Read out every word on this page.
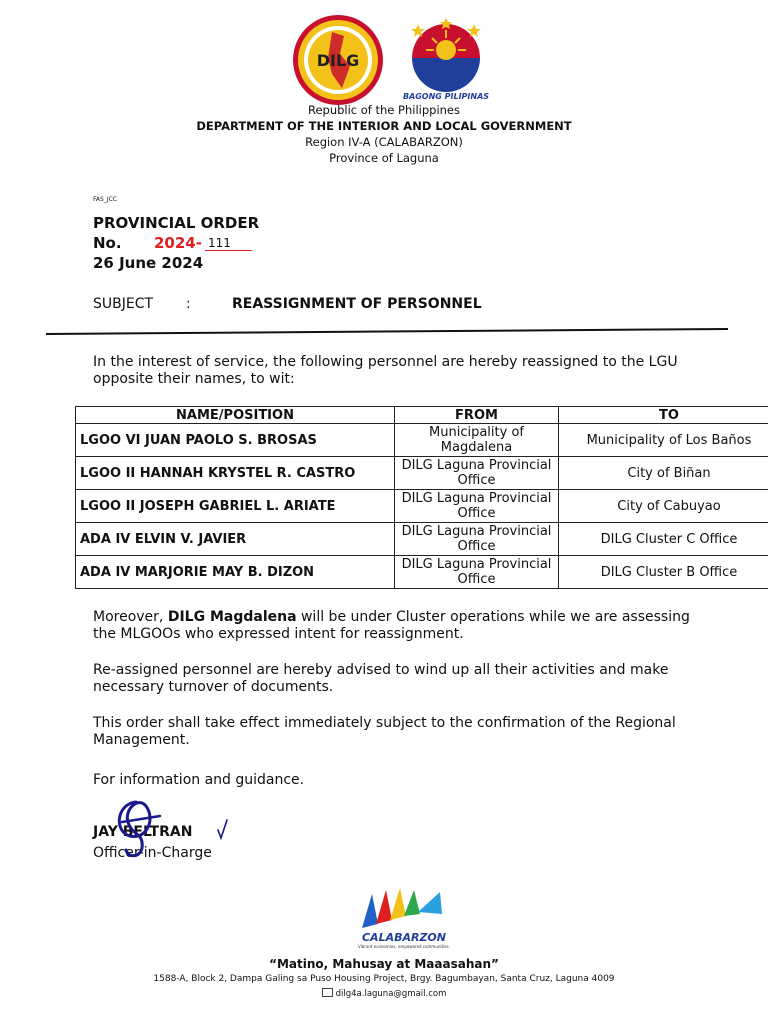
DILG
BAGONG PILIPINAS
Republic of the Philippines
DEPARTMENT OF THE INTERIOR AND LOCAL GOVERNMENT
Region IV-A (CALABARZON)
Province of Laguna
FAS_JCC
PROVINCIAL ORDER
No. 2024- 111
26 June 2024
SUBJECT :	REASSIGNMENT OF PERSONNEL
In the interest of service, the following personnel are hereby reassigned to the LGU opposite their names, to wit:
NAME/POSITION	FROM	TO
LGOO VI JUAN PAOLO S. BROSAS	Municipality of Magdalena	Municipality of Los Baños
LGOO II HANNAH KRYSTEL R. CASTRO	DILG Laguna Provincial Office	City of Biñan
LGOO II JOSEPH GABRIEL L. ARIATE	DILG Laguna Provincial Office	City of Cabuyao
ADA IV ELVIN V. JAVIER	DILG Laguna Provincial Office	DILG Cluster C Office
ADA IV MARJORIE MAY B. DIZON	DILG Laguna Provincial Office	DILG Cluster B Office
Moreover, DILG Magdalena will be under Cluster operations while we are assessing the MLGOOs who expressed intent for reassignment.
Re-assigned personnel are hereby advised to wind up all their activities and make necessary turnover of documents.
This order shall take effect immediately subject to the confirmation of the Regional Management.
For information and guidance.
JAY BELTRAN
Officer-in-Charge
CALABARZON
Vibrant economies, empowered communities.
“Matino, Mahusay at Maaasahan”
1588-A, Block 2, Dampa Galing sa Puso Housing Project, Brgy. Bagumbayan, Santa Cruz, Laguna 4009
dilg4a.laguna@gmail.com
